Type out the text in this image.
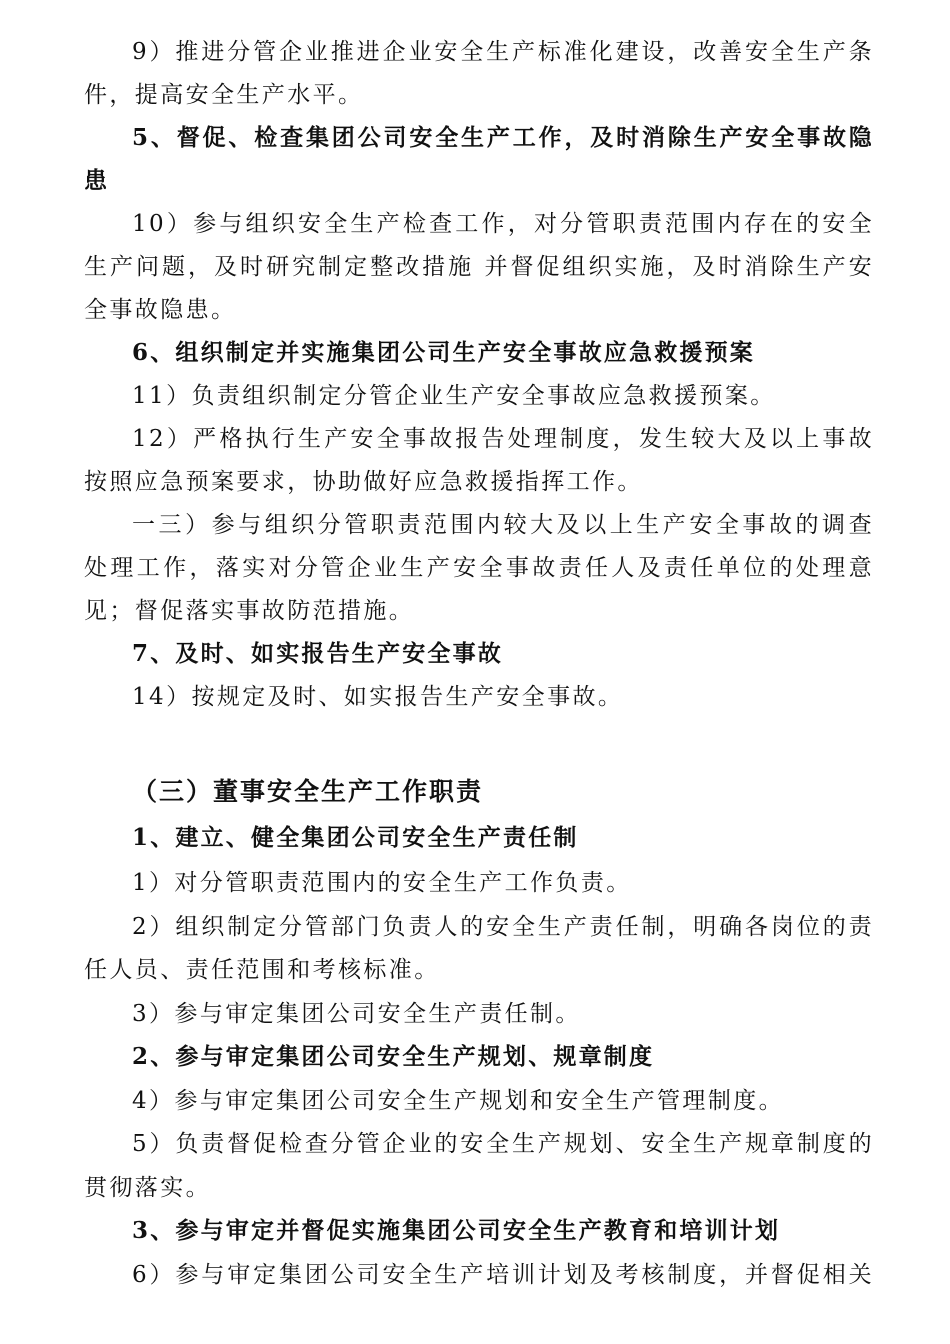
9）推进分管企业推进企业安全生产标准化建设，改善安全生产条
件，提高安全生产水平。
5、督促、检查集团公司安全生产工作，及时消除生产安全事故隐
患
10）参与组织安全生产检查工作，对分管职责范围内存在的安全
生产问题，及时研究制定整改措施 并督促组织实施，及时消除生产安
全事故隐患。
6、组织制定并实施集团公司生产安全事故应急救援预案
11）负责组织制定分管企业生产安全事故应急救援预案。
12）严格执行生产安全事故报告处理制度，发生较大及以上事故
按照应急预案要求，协助做好应急救援指挥工作。
一三）参与组织分管职责范围内较大及以上生产安全事故的调查
处理工作，落实对分管企业生产安全事故责任人及责任单位的处理意
见；督促落实事故防范措施。
7、及时、如实报告生产安全事故
14）按规定及时、如实报告生产安全事故。
（三）董事安全生产工作职责
1、建立、健全集团公司安全生产责任制
1）对分管职责范围内的安全生产工作负责。
2）组织制定分管部门负责人的安全生产责任制，明确各岗位的责
任人员、责任范围和考核标准。
3）参与审定集团公司安全生产责任制。
2、参与审定集团公司安全生产规划、规章制度
4）参与审定集团公司安全生产规划和安全生产管理制度。
5）负责督促检查分管企业的安全生产规划、安全生产规章制度的
贯彻落实。
3、参与审定并督促实施集团公司安全生产教育和培训计划
6）参与审定集团公司安全生产培训计划及考核制度，并督促相关
